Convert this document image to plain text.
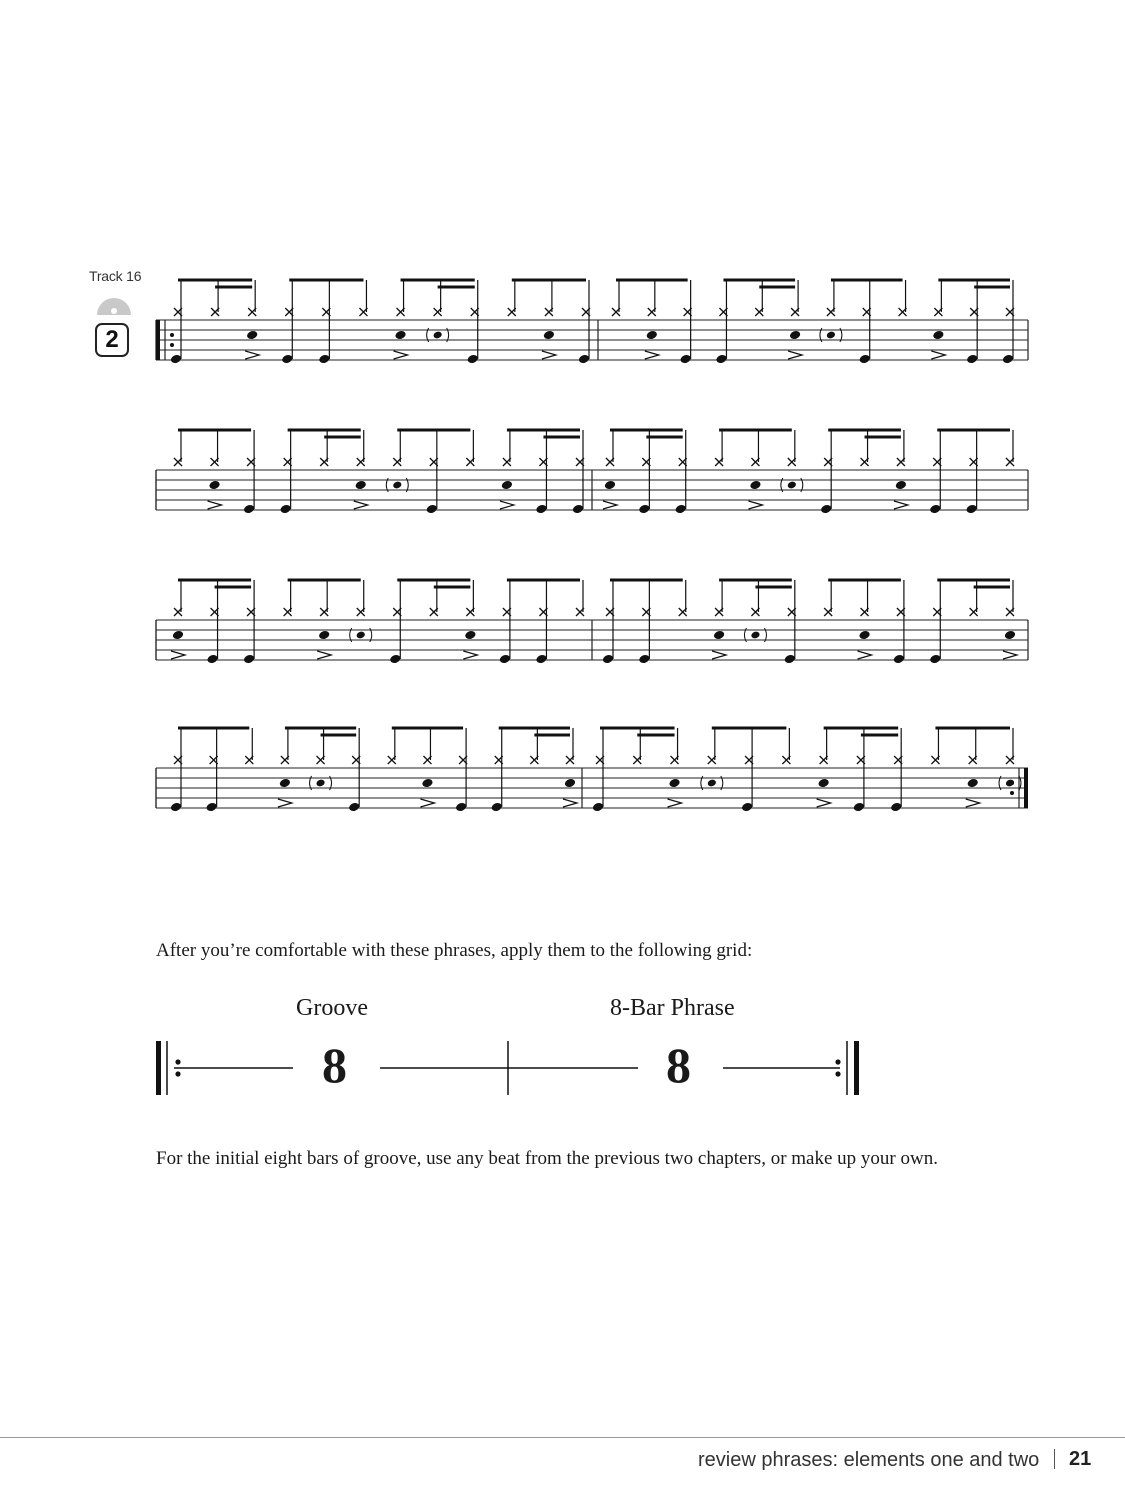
Track 16
2
After you’re comfortable with these phrases, apply them to the following grid:
Groove	8-Bar Phrase
8	8
For the initial eight bars of groove, use any beat from the previous two chapters, or make up your own.
review phrases: elements one and two 21
